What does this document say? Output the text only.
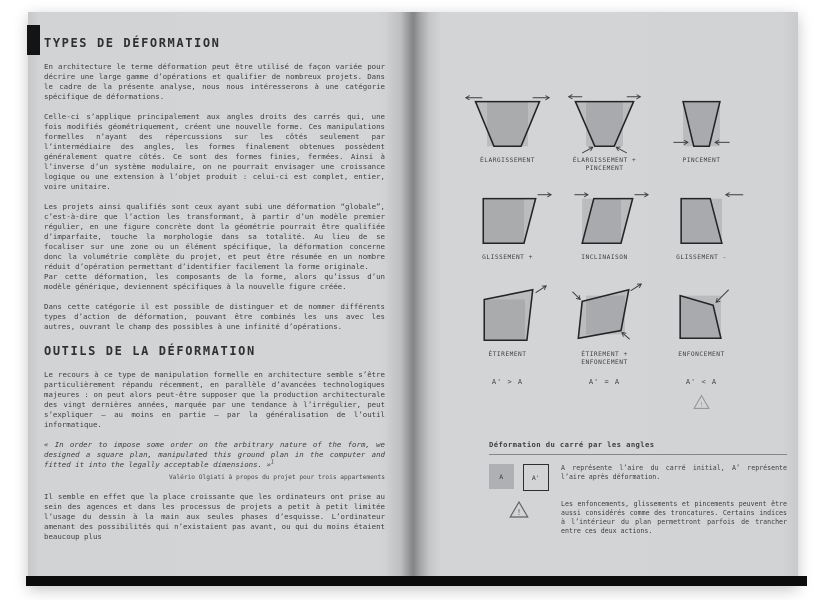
TYPES DE DÉFORMATION

En architecture le terme déformation peut être utilisé de façon variée pour décrire une large gamme d’opérations et qualifier de nombreux projets. Dans le cadre de la présente analyse, nous nous intéresserons à une catégorie spécifique de déformations.

Celle-ci s’applique principalement aux angles droits des carrés qui, une fois modifiés géométriquement, créent une nouvelle forme. Ces manipulations formelles n’ayant des répercussions sur les côtés seulement par l’intermédiaire des angles, les formes finalement obtenues possèdent généralement quatre côtés. Ce sont des formes finies, fermées. Ainsi à l’inverse d’un système modulaire, on ne pourrait envisager une croissance logique ou une extension à l’objet produit : celui-ci est complet, entier, voire unitaire.

Les projets ainsi qualifiés sont ceux ayant subi une déformation “globale”, c’est-à-dire que l’action les transformant, à partir d’un modèle premier régulier, en une figure concrète dont la géométrie pourrait être qualifiée d’imparfaite, touche la morphologie dans sa totalité. Au lieu de se focaliser sur une zone ou un élément spécifique, la déformation concerne donc la volumétrie complète du projet, et peut être résumée en un nombre réduit d’opération permettant d’identifier facilement la forme originale.

Par cette déformation, les composants de la forme, alors qu’issus d’un modèle générique, deviennent spécifiques à la nouvelle figure créée.

Dans cette catégorie il est possible de distinguer et de nommer différents types d’action de déformation, pouvant être combinés les uns avec les autres, ouvrant le champ des possibles à une infinité d’opérations.

OUTILS DE LA DÉFORMATION

Le recours à ce type de manipulation formelle en architecture semble s’être particulièrement répandu récemment, en parallèle d’avancées technologiques majeures : on peut alors peut-être supposer que la production architecturale des vingt dernières années, marquée par une tendance à l’irrégulier, peut s’expliquer – au moins en partie – par la généralisation de l’outil informatique.

« In order to impose some order on the arbitrary nature of the form, we designed a square plan, manipulated this ground plan in the computer and fitted it into the legally acceptable dimensions. »$^1$

Valério Olgiati à propos du projet pour trois appartements

Il semble en effet que la place croissante que les ordinateurs ont prise au sein des agences et dans les processus de projets a petit à petit limitée l’usage du dessin à la main aux seules phases d’esquisse. L’ordinateur amenant des possibilités qui n’existaient pas avant, ou qui du moins étaient beaucoup plus

ÉLARGISSEMENT	ÉLARGISSEMENT +
PINCEMENT
PINCEMENT
GLISSEMENT +	INCLINAISON	GLISSEMENT -
ÉTIREMENT	ÉTIREMENT +
ENFONCEMENT
ENFONCEMENT
A' > A	A' = A	A' < A
!
Déformation du carré par les angles
A	A'

A représente l’aire du carré initial, A’ représente l’aire après déformation.

!

Les enfoncements, glissements et pincements peuvent être aussi considérés comme des troncatures. Certains indices à l’intérieur du plan permettront parfois de trancher entre ces deux actions.
